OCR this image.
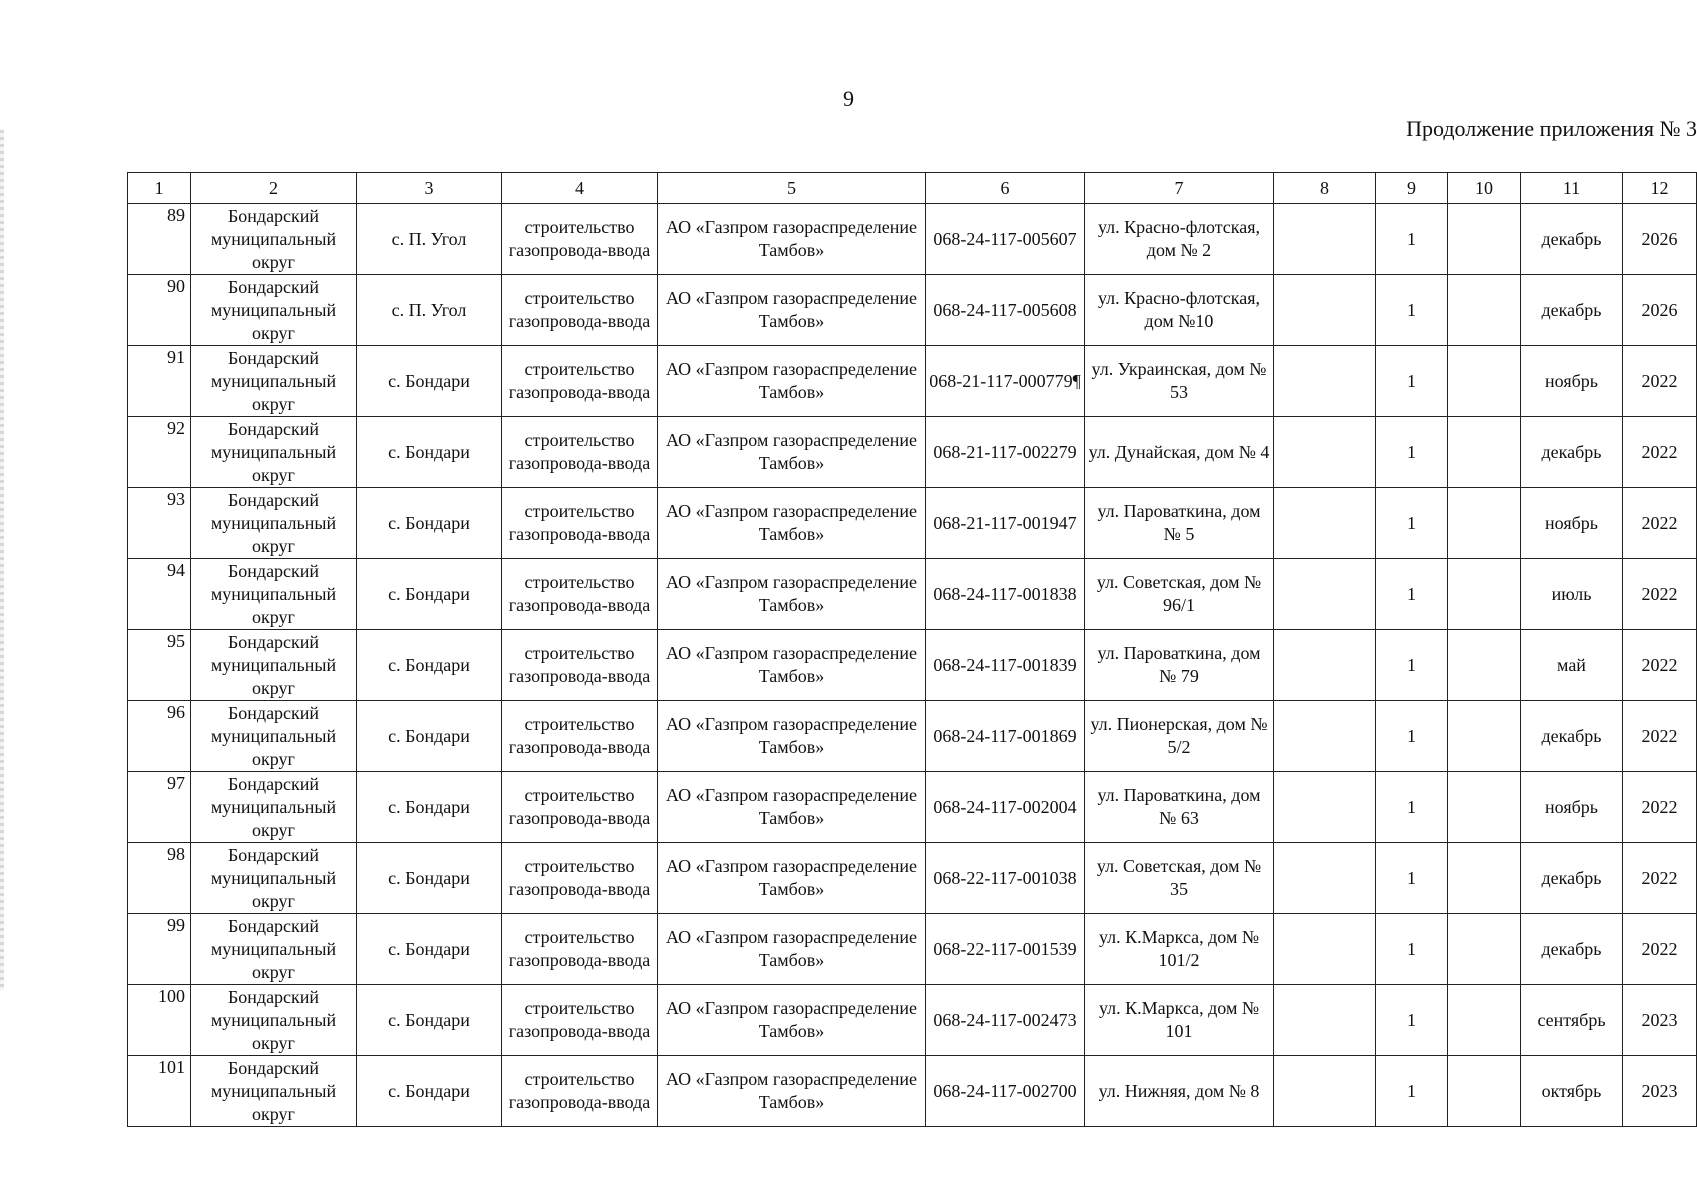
9
Продолжение приложения № 3
1	2	3	4	5	6	7	8	9	10	11	12
89	Бондарский муниципальный округ	с. П. Угол	строительство газопровода-ввода	АО «Газпром газораспределение Тамбов»	068-24-117-005607	ул. Красно-флотская, дом № 2		1		декабрь	2026
90	Бондарский муниципальный округ	с. П. Угол	строительство газопровода-ввода	АО «Газпром газораспределение Тамбов»	068-24-117-005608	ул. Красно-флотская, дом №10		1		декабрь	2026
91	Бондарский муниципальный округ	с. Бондари	строительство газопровода-ввода	АО «Газпром газораспределение Тамбов»	068-21-117-000779¶	ул. Украинская, дом № 53		1		ноябрь	2022
92	Бондарский муниципальный округ	с. Бондари	строительство газопровода-ввода	АО «Газпром газораспределение Тамбов»	068-21-117-002279	ул. Дунайская, дом № 4		1		декабрь	2022
93	Бондарский муниципальный округ	с. Бондари	строительство газопровода-ввода	АО «Газпром газораспределение Тамбов»	068-21-117-001947	ул. Пароваткина, дом № 5		1		ноябрь	2022
94	Бондарский муниципальный округ	с. Бондари	строительство газопровода-ввода	АО «Газпром газораспределение Тамбов»	068-24-117-001838	ул. Советская, дом № 96/1		1		июль	2022
95	Бондарский муниципальный округ	с. Бондари	строительство газопровода-ввода	АО «Газпром газораспределение Тамбов»	068-24-117-001839	ул. Пароваткина, дом № 79		1		май	2022
96	Бондарский муниципальный округ	с. Бондари	строительство газопровода-ввода	АО «Газпром газораспределение Тамбов»	068-24-117-001869	ул. Пионерская, дом № 5/2		1		декабрь	2022
97	Бондарский муниципальный округ	с. Бондари	строительство газопровода-ввода	АО «Газпром газораспределение Тамбов»	068-24-117-002004	ул. Пароваткина, дом № 63		1		ноябрь	2022
98	Бондарский муниципальный округ	с. Бондари	строительство газопровода-ввода	АО «Газпром газораспределение Тамбов»	068-22-117-001038	ул. Советская, дом № 35		1		декабрь	2022
99	Бондарский муниципальный округ	с. Бондари	строительство газопровода-ввода	АО «Газпром газораспределение Тамбов»	068-22-117-001539	ул. К.Маркса, дом № 101/2		1		декабрь	2022
100	Бондарский муниципальный округ	с. Бондари	строительство газопровода-ввода	АО «Газпром газораспределение Тамбов»	068-24-117-002473	ул. К.Маркса, дом № 101		1		сентябрь	2023
101	Бондарский муниципальный округ	с. Бондари	строительство газопровода-ввода	АО «Газпром газораспределение Тамбов»	068-24-117-002700	ул. Нижняя, дом № 8		1		октябрь	2023
